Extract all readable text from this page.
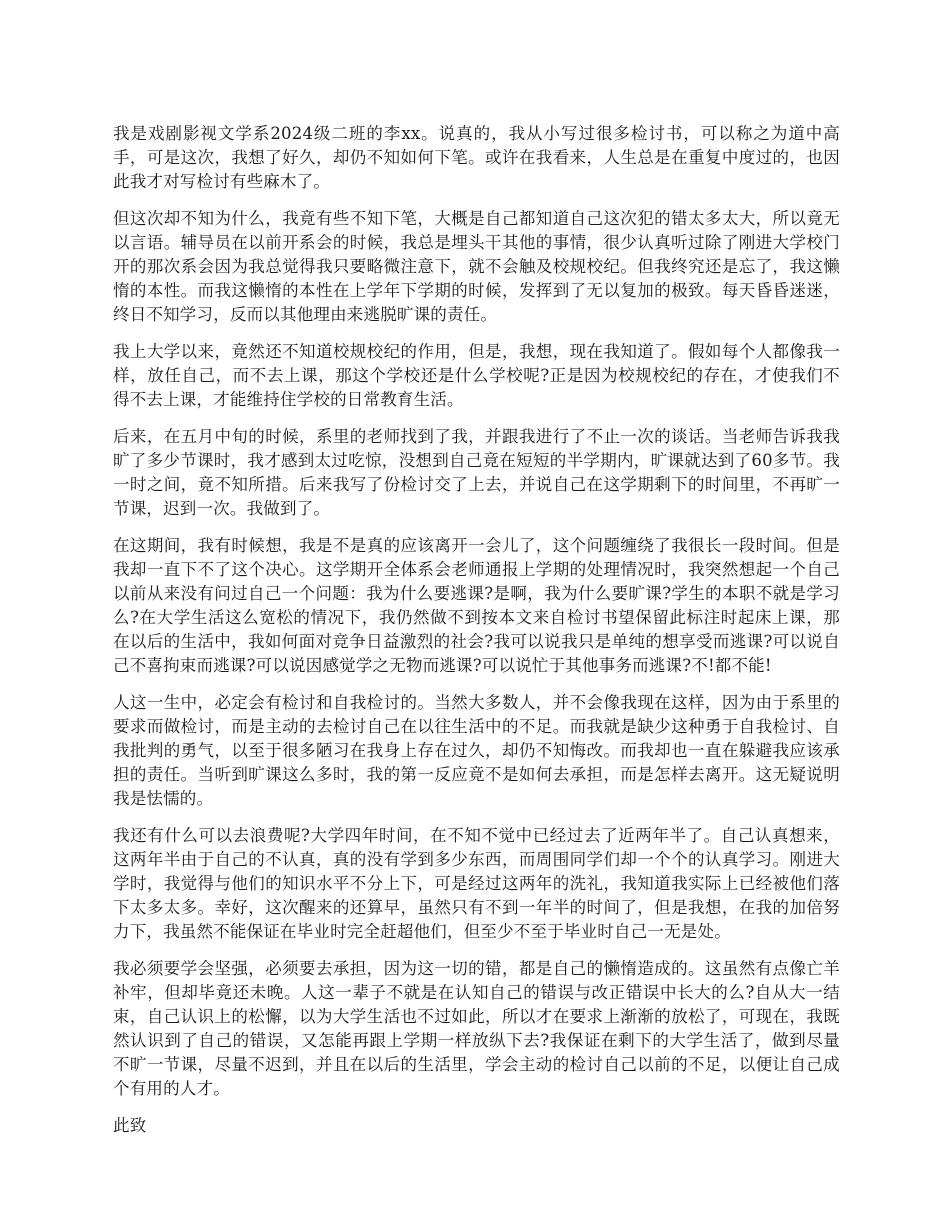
我是戏剧影视文学系2024级二班的李xx。说真的，我从小写过很多检讨书，可以称之为道中高手，可是这次，我想了好久，却仍不知如何下笔。或许在我看来，人生总是在重复中度过的，也因此我才对写检讨有些麻木了。

但这次却不知为什么，我竟有些不知下笔，大概是自己都知道自己这次犯的错太多太大，所以竟无以言语。辅导员在以前开系会的时候，我总是埋头干其他的事情，很少认真听过除了刚进大学校门开的那次系会因为我总觉得我只要略微注意下，就不会触及校规校纪。但我终究还是忘了，我这懒惰的本性。而我这懒惰的本性在上学年下学期的时候，发挥到了无以复加的极致。每天昏昏迷迷，终日不知学习，反而以其他理由来逃脱旷课的责任。

我上大学以来，竟然还不知道校规校纪的作用，但是，我想，现在我知道了。假如每个人都像我一样，放任自己，而不去上课，那这个学校还是什么学校呢?正是因为校规校纪的存在，才使我们不得不去上课，才能维持住学校的日常教育生活。

后来，在五月中旬的时候，系里的老师找到了我，并跟我进行了不止一次的谈话。当老师告诉我我旷了多少节课时，我才感到太过吃惊，没想到自己竟在短短的半学期内，旷课就达到了60多节。我一时之间，竟不知所措。后来我写了份检讨交了上去，并说自己在这学期剩下的时间里，不再旷一节课，迟到一次。我做到了。

在这期间，我有时候想，我是不是真的应该离开一会儿了，这个问题缠绕了我很长一段时间。但是我却一直下不了这个决心。这学期开全体系会老师通报上学期的处理情况时，我突然想起一个自己以前从来没有问过自己一个问题：我为什么要逃课?是啊，我为什么要旷课?学生的本职不就是学习么?在大学生活这么宽松的情况下，我仍然做不到按本文来自检讨书望保留此标注时起床上课，那在以后的生活中，我如何面对竞争日益激烈的社会?我可以说我只是单纯的想享受而逃课?可以说自己不喜拘束而逃课?可以说因感觉学之无物而逃课?可以说忙于其他事务而逃课?不!都不能!

人这一生中，必定会有检讨和自我检讨的。当然大多数人，并不会像我现在这样，因为由于系里的要求而做检讨，而是主动的去检讨自己在以往生活中的不足。而我就是缺少这种勇于自我检讨、自我批判的勇气，以至于很多陋习在我身上存在过久，却仍不知悔改。而我却也一直在躲避我应该承担的责任。当听到旷课这么多时，我的第一反应竟不是如何去承担，而是怎样去离开。这无疑说明我是怯懦的。

我还有什么可以去浪费呢?大学四年时间，在不知不觉中已经过去了近两年半了。自己认真想来，这两年半由于自己的不认真，真的没有学到多少东西，而周围同学们却一个个的认真学习。刚进大学时，我觉得与他们的知识水平不分上下，可是经过这两年的洗礼，我知道我实际上已经被他们落下太多太多。幸好，这次醒来的还算早，虽然只有不到一年半的时间了，但是我想，在我的加倍努力下，我虽然不能保证在毕业时完全赶超他们，但至少不至于毕业时自己一无是处。

我必须要学会坚强，必须要去承担，因为这一切的错，都是自己的懒惰造成的。这虽然有点像亡羊补牢，但却毕竟还未晚。人这一辈子不就是在认知自己的错误与改正错误中长大的么?自从大一结束，自己认识上的松懈，以为大学生活也不过如此，所以才在要求上渐渐的放松了，可现在，我既然认识到了自己的错误，又怎能再跟上学期一样放纵下去?我保证在剩下的大学生活了，做到尽量不旷一节课，尽量不迟到，并且在以后的生活里，学会主动的检讨自己以前的不足，以便让自己成个有用的人才。

此致
